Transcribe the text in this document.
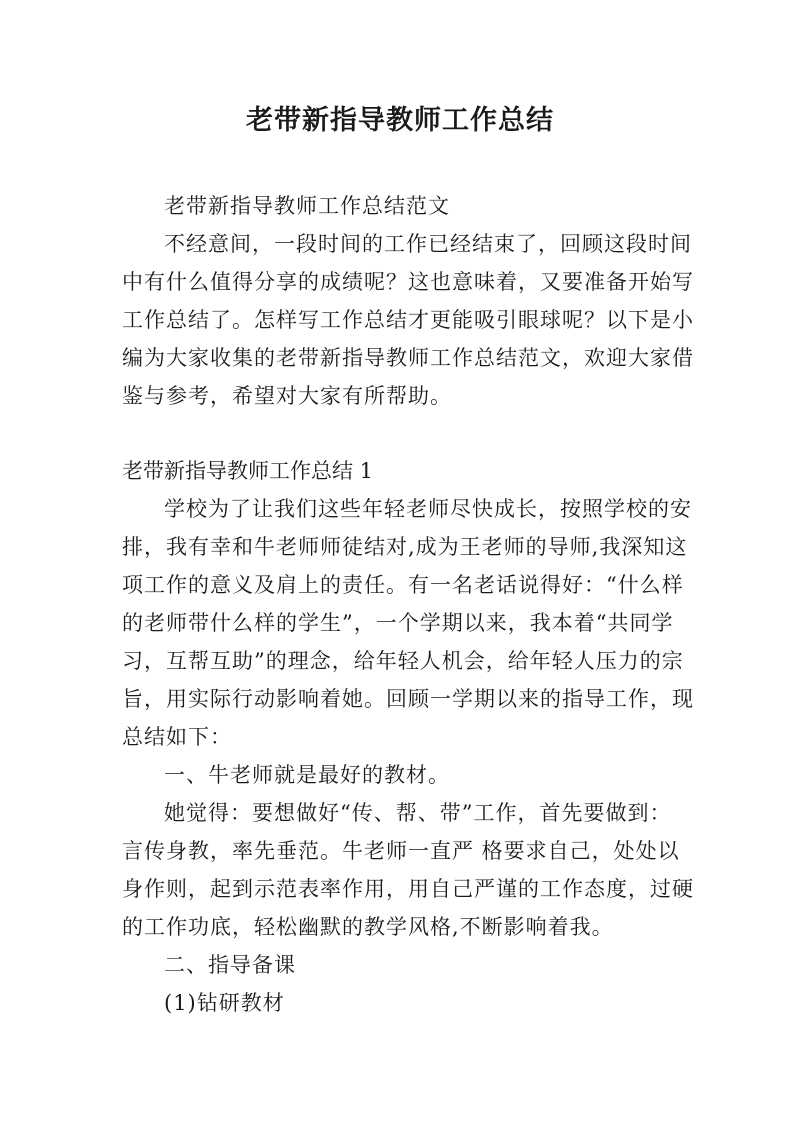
老带新指导教师工作总结
老带新指导教师工作总结范文
不经意间，一段时间的工作已经结束了，回顾这段时间
中有什么值得分享的成绩呢？这也意味着，又要准备开始写
工作总结了。怎样写工作总结才更能吸引眼球呢？以下是小
编为大家收集的老带新指导教师工作总结范文，欢迎大家借
鉴与参考，希望对大家有所帮助。
老带新指导教师工作总结 1
学校为了让我们这些年轻老师尽快成长，按照学校的安
排，我有幸和牛老师师徒结对,成为王老师的导师,我深知这
项工作的意义及肩上的责任。有一名老话说得好：“什么样
的老师带什么样的学生”，一个学期以来，我本着“共同学
习，互帮互助”的理念，给年轻人机会，给年轻人压力的宗
旨，用实际行动影响着她。回顾一学期以来的指导工作，现
总结如下：
一、牛老师就是最好的教材。
她觉得：要想做好“传、帮、带”工作，首先要做到：
言传身教，率先垂范。牛老师一直严 格要求自己，处处以
身作则，起到示范表率作用，用自己严谨的工作态度，过硬
的工作功底，轻松幽默的教学风格,不断影响着我。
二、指导备课
(1)钻研教材
